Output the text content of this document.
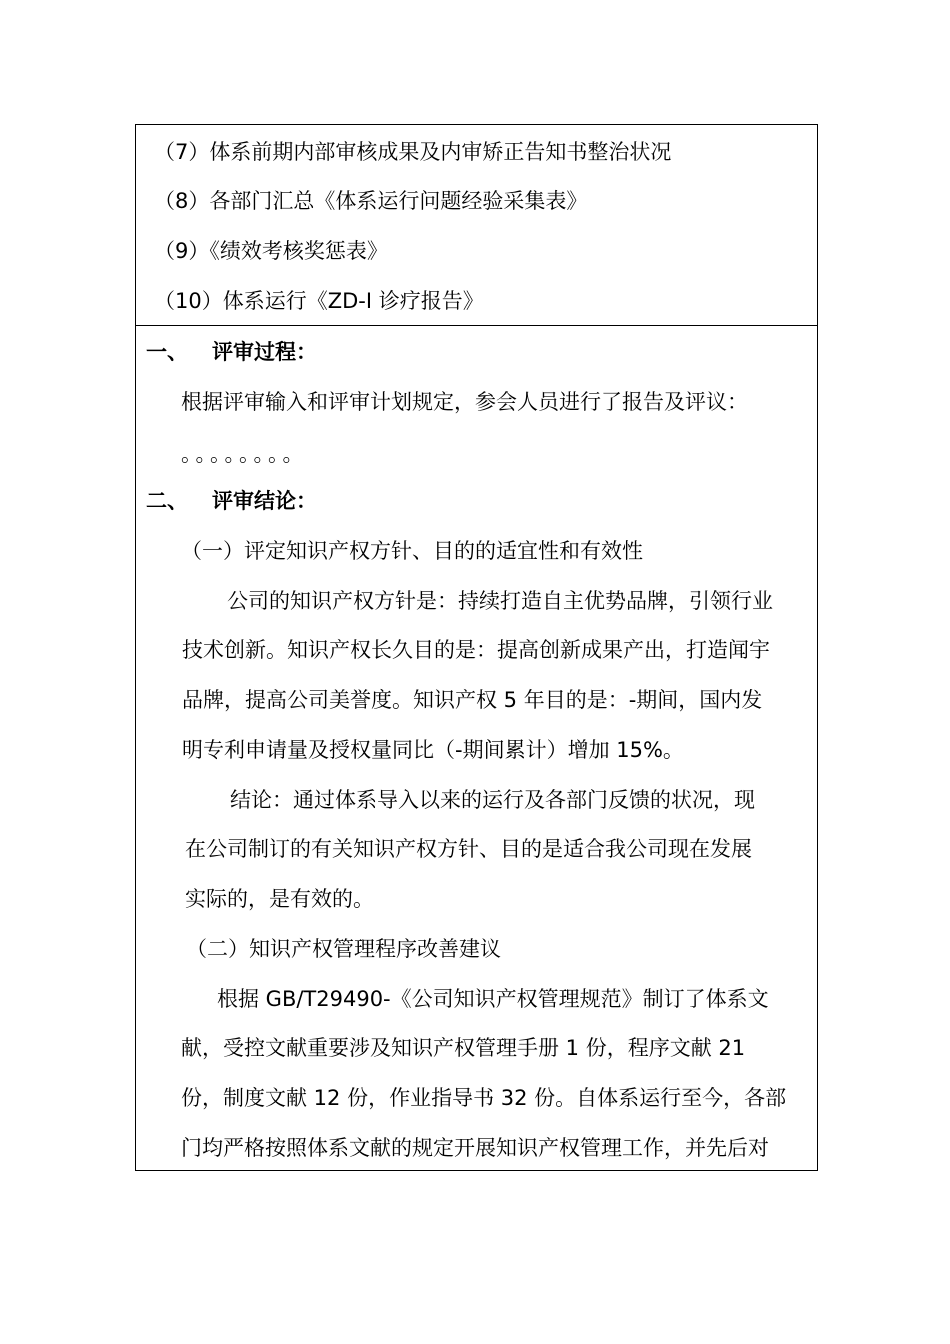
（7）体系前期内部审核成果及内审矫正告知书整治状况
（8）各部门汇总《体系运行问题经验采集表》
（9）《绩效考核奖惩表》
（10）体系运行《ZD-I 诊疗报告》
一、 评审过程：
根据评审输入和评审计划规定，参会人员进行了报告及评议：
。。。。。。。。
二、 评审结论：
（一）评定知识产权方针、目的的适宜性和有效性
公司的知识产权方针是：持续打造自主优势品牌，引领行业
技术创新。知识产权长久目的是：提高创新成果产出，打造闻宇
品牌，提高公司美誉度。知识产权 5 年目的是：-期间，国内发
明专利申请量及授权量同比（-期间累计）增加 15%。
结论：通过体系导入以来的运行及各部门反馈的状况，现
在公司制订的有关知识产权方针、目的是适合我公司现在发展
实际的，是有效的。
（二）知识产权管理程序改善建议
根据 GB/T29490-《公司知识产权管理规范》制订了体系文
献，受控文献重要涉及知识产权管理手册 1 份，程序文献 21
份，制度文献 12 份，作业指导书 32 份。自体系运行至今，各部
门均严格按照体系文献的规定开展知识产权管理工作，并先后对
